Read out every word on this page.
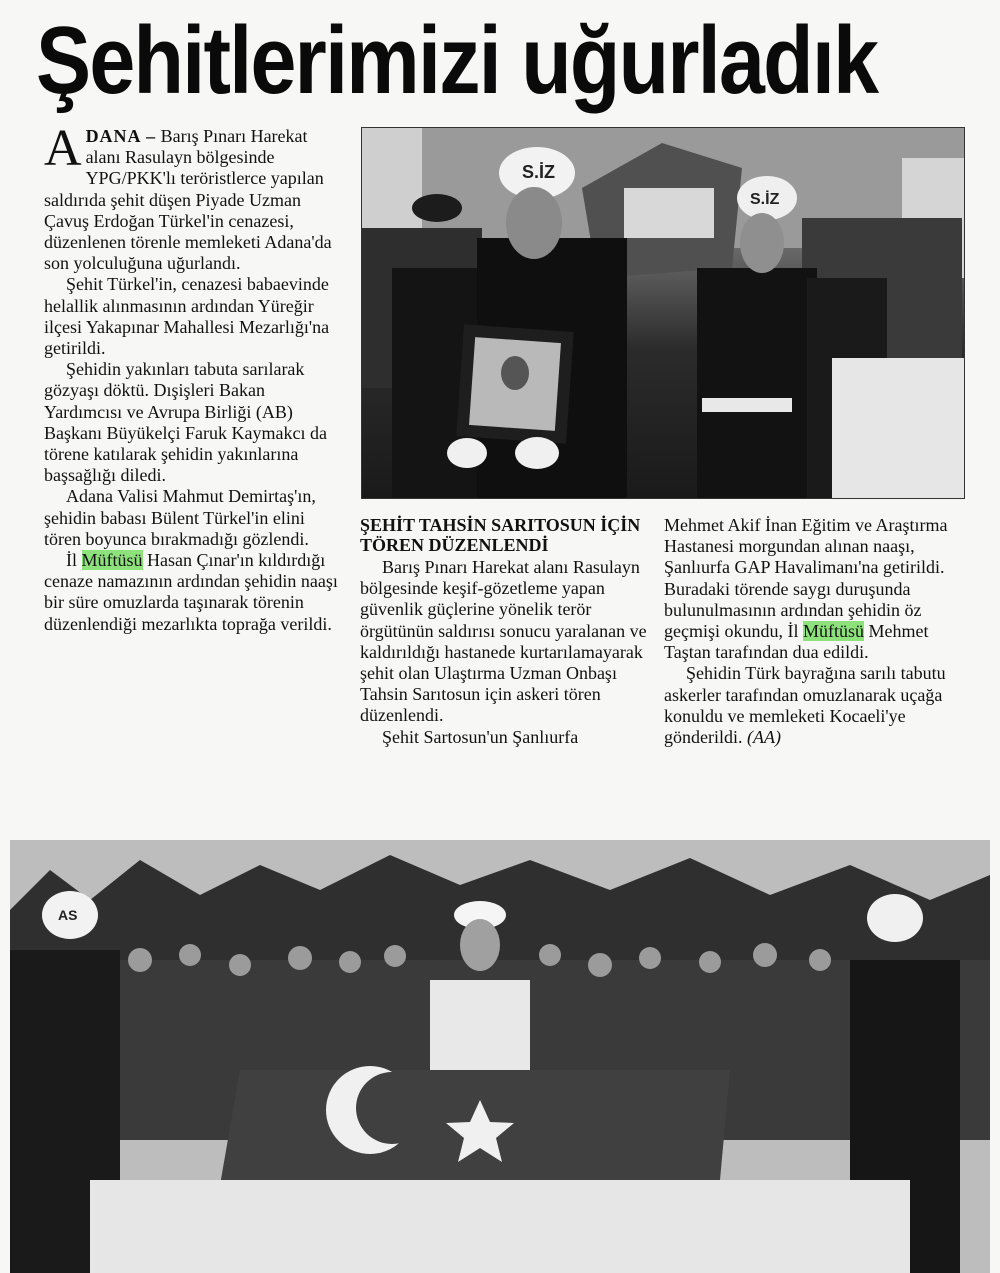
Şehitlerimizi uğurladık

ADANA – Barış Pınarı Harekat alanı Rasulayn bölgesinde YPG/PKK'lı teröristlerce yapılan saldırıda şehit düşen Piyade Uzman Çavuş Erdoğan Türkel'in cenazesi, düzenlenen törenle memleketi Adana'da son yolculuğuna uğurlandı.

Şehit Türkel'in, cenazesi babaevinde helallik alınmasının ardından Yüreğir ilçesi Yakapınar Mahallesi Mezarlığı'na getirildi.

Şehidin yakınları tabuta sarılarak gözyaşı döktü. Dışişleri Bakan Yardımcısı ve Avrupa Birliği (AB) Başkanı Büyükelçi Faruk Kaymakcı da törene katılarak şehidin yakınlarına başsağlığı diledi.

Adana Valisi Mahmut Demirtaş'ın, şehidin babası Bülent Türkel'in elini tören boyunca bırakmadığı gözlendi.

İl Müftüsü Hasan Çınar'ın kıldırdığı cenaze namazının ardından şehidin naaşı bir süre omuzlarda taşınarak törenin düzenlendiği mezarlıkta toprağa verildi.

S.İZ
S.İZ

ŞEHİT TAHSİN SARITOSUN İÇİN TÖREN DÜZENLENDİ

Barış Pınarı Harekat alanı Rasulayn bölgesinde keşif-gözetleme yapan güvenlik güçlerine yönelik terör örgütünün saldırısı sonucu yaralanan ve kaldırıldığı hastanede kurtarılamayarak şehit olan Ulaştırma Uzman Onbaşı Tahsin Sarıtosun için askeri tören düzenlendi.

Şehit Sartosun'un Şanlıurfa

Mehmet Akif İnan Eğitim ve Araştırma Hastanesi morgundan alınan naaşı, Şanlıurfa GAP Havalimanı'na getirildi. Buradaki törende saygı duruşunda bulunulmasının ardından şehidin öz geçmişi okundu, İl Müftüsü Mehmet Taştan tarafından dua edildi.

Şehidin Türk bayrağına sarılı tabutu askerler tarafından omuzlanarak uçağa konuldu ve memleketi Kocaeli'ye gönderildi. (AA)

AS
